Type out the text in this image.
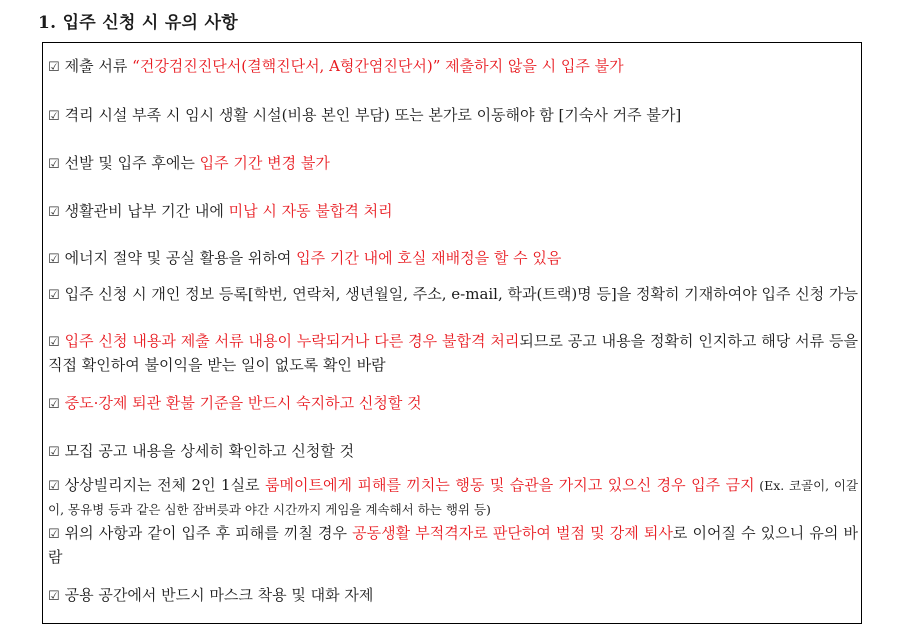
1. 입주 신청 시 유의 사항
☑ 제출 서류 “건강검진진단서(결핵진단서, A형간염진단서)” 제출하지 않을 시 입주 불가
☑ 격리 시설 부족 시 임시 생활 시설(비용 본인 부담) 또는 본가로 이동해야 함 [기숙사 거주 불가]
☑ 선발 및 입주 후에는 입주 기간 변경 불가
☑ 생활관비 납부 기간 내에 미납 시 자동 불합격 처리
☑ 에너지 절약 및 공실 활용을 위하여 입주 기간 내에 호실 재배정을 할 수 있음
☑ 입주 신청 시 개인 정보 등록[학번, 연락처, 생년월일, 주소, e-mail, 학과(트랙)명 등]을 정확히 기재하여야 입주 신청 가능
☑ 입주 신청 내용과 제출 서류 내용이 누락되거나 다른 경우 불합격 처리되므로 공고 내용을 정확히 인지하고 해당 서류 등을 직접 확인하여 불이익을 받는 일이 없도록 확인 바람
☑ 중도·강제 퇴관 환불 기준을 반드시 숙지하고 신청할 것
☑ 모집 공고 내용을 상세히 확인하고 신청할 것
☑ 상상빌리지는 전체 2인 1실로 룸메이트에게 피해를 끼치는 행동 및 습관을 가지고 있으신 경우 입주 금지 (Ex. 코골이, 이갈이, 몽유병 등과 같은 심한 잠버릇과 야간 시간까지 게임을 계속해서 하는 행위 등)
☑ 위의 사항과 같이 입주 후 피해를 끼칠 경우 공동생활 부적격자로 판단하여 벌점 및 강제 퇴사로 이어질 수 있으니 유의 바람
☑ 공용 공간에서 반드시 마스크 착용 및 대화 자제
